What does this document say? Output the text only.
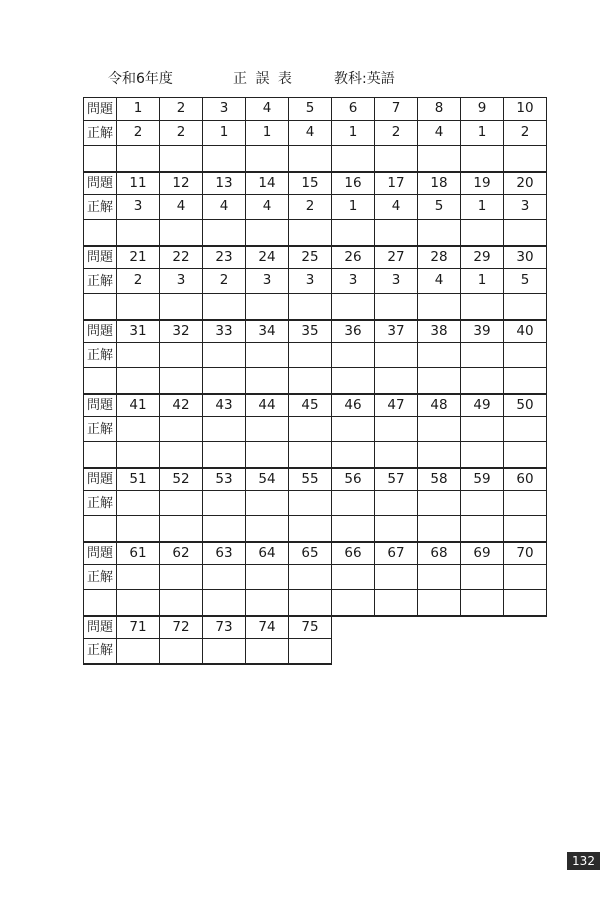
令和6年度	正 誤 表	教科:英語
問題	1	2	3	4	5	6	7	8	9	10
正解	2	2	1	1	4	1	2	4	1	2

問題	11	12	13	14	15	16	17	18	19	20
正解	3	4	4	4	2	1	4	5	1	3

問題	21	22	23	24	25	26	27	28	29	30
正解	2	3	2	3	3	3	3	4	1	5

問題	31	32	33	34	35	36	37	38	39	40
正解										

問題	41	42	43	44	45	46	47	48	49	50
正解										

問題	51	52	53	54	55	56	57	58	59	60
正解										

問題	61	62	63	64	65	66	67	68	69	70
正解										

問題	71	72	73	74	75					
正解										
132
